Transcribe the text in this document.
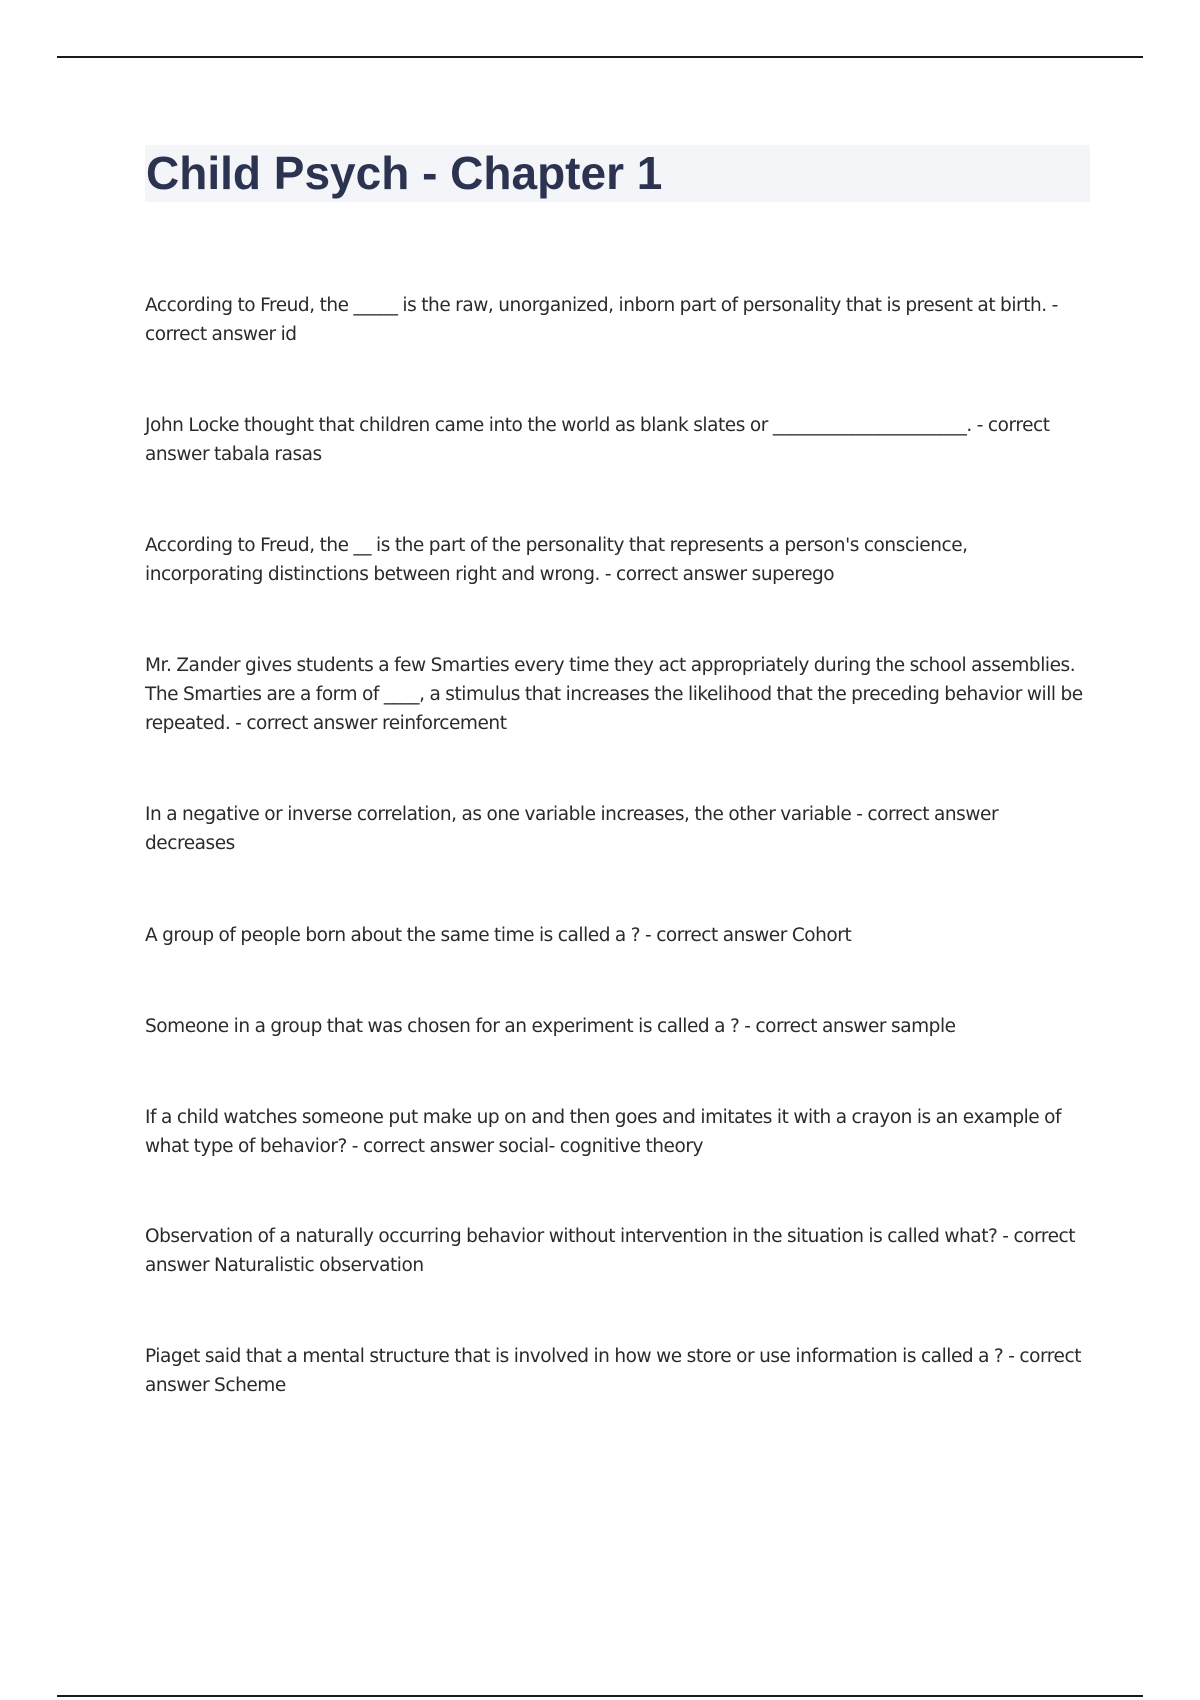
Child Psych - Chapter 1

According to Freud, the _____ is the raw, unorganized, inborn part of personality that is present at birth. - correct answer id

John Locke thought that children came into the world as blank slates or ______________________. - correct answer tabala rasas

According to Freud, the __ is the part of the personality that represents a person's conscience, incorporating distinctions between right and wrong. - correct answer superego

Mr. Zander gives students a few Smarties every time they act appropriately during the school assemblies. The Smarties are a form of ____, a stimulus that increases the likelihood that the preceding behavior will be repeated. - correct answer reinforcement

In a negative or inverse correlation, as one variable increases, the other variable - correct answer decreases

A group of people born about the same time is called a ? - correct answer Cohort

Someone in a group that was chosen for an experiment is called a ? - correct answer sample

If a child watches someone put make up on and then goes and imitates it with a crayon is an example of what type of behavior? - correct answer social- cognitive theory

Observation of a naturally occurring behavior without intervention in the situation is called what? - correct answer Naturalistic observation

Piaget said that a mental structure that is involved in how we store or use information is called a ? - correct answer Scheme
